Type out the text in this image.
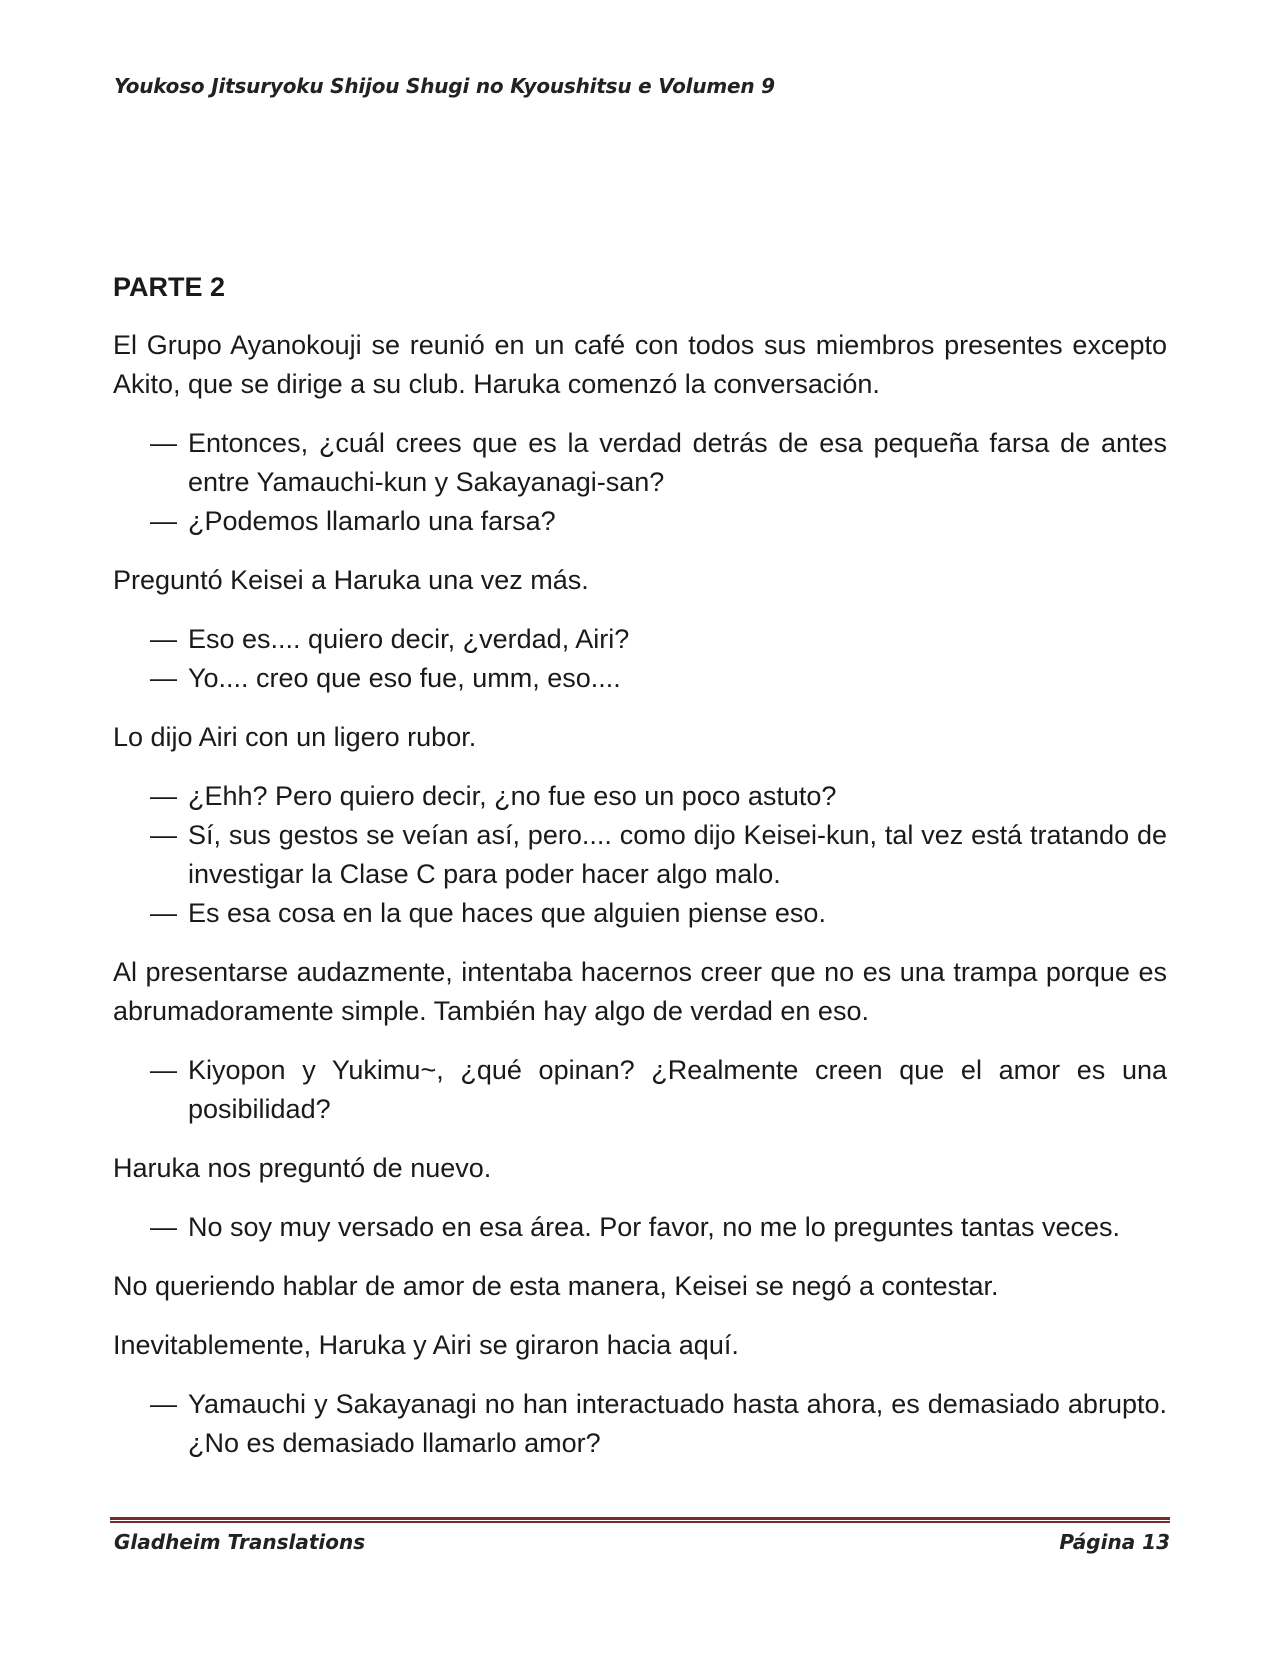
Youkoso Jitsuryoku Shijou Shugi no Kyoushitsu e Volumen 9
PARTE 2

El Grupo Ayanokouji se reunió en un café con todos sus miembros presentes excepto Akito, que se dirige a su club. Haruka comenzó la conversación.

— Entonces, ¿cuál crees que es la verdad detrás de esa pequeña farsa de antes entre Yamauchi-kun y Sakayanagi-san?
— ¿Podemos llamarlo una farsa?

Preguntó Keisei a Haruka una vez más.

— Eso es.... quiero decir, ¿verdad, Airi?
— Yo.... creo que eso fue, umm, eso....

Lo dijo Airi con un ligero rubor.

— ¿Ehh? Pero quiero decir, ¿no fue eso un poco astuto?
— Sí, sus gestos se veían así, pero.... como dijo Keisei-kun, tal vez está tratando de investigar la Clase C para poder hacer algo malo.
— Es esa cosa en la que haces que alguien piense eso.

Al presentarse audazmente, intentaba hacernos creer que no es una trampa porque es abrumadoramente simple. También hay algo de verdad en eso.

— Kiyopon y Yukimu~, ¿qué opinan? ¿Realmente creen que el amor es una posibilidad?

Haruka nos preguntó de nuevo.

— No soy muy versado en esa área. Por favor, no me lo preguntes tantas veces.

No queriendo hablar de amor de esta manera, Keisei se negó a contestar.

Inevitablemente, Haruka y Airi se giraron hacia aquí.

— Yamauchi y Sakayanagi no han interactuado hasta ahora, es demasiado abrupto. ¿No es demasiado llamarlo amor?
Gladheim Translations	Página 13
